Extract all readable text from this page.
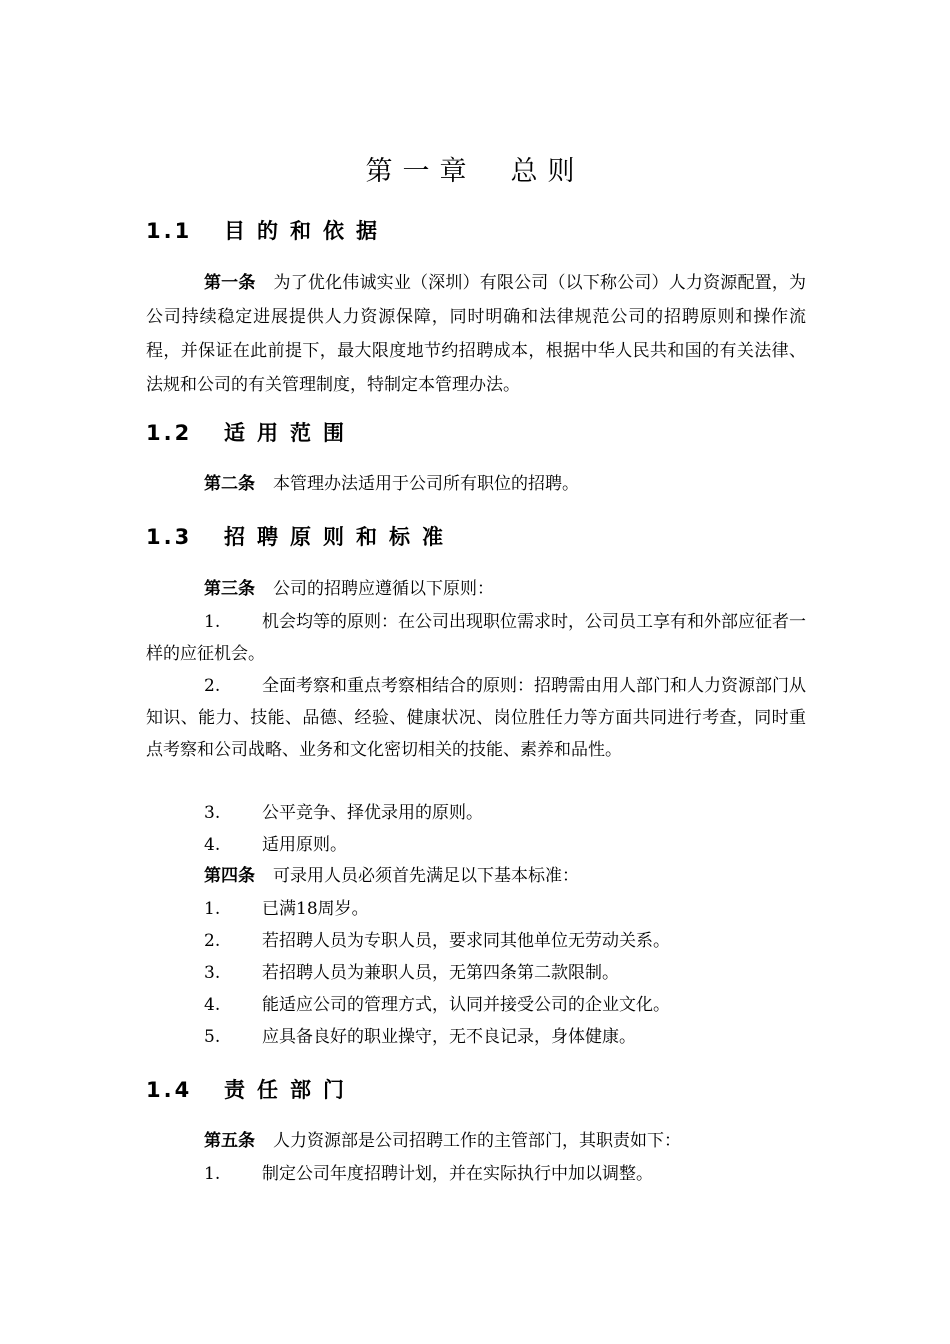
第一章 总则
1.1 目的和依据

第一条 为了优化伟诚实业（深圳）有限公司（以下称公司）人力资源配置，为公司持续稳定进展提供人力资源保障，同时明确和法律规范公司的招聘原则和操作流程，并保证在此前提下，最大限度地节约招聘成本，根据中华人民共和国的有关法律、法规和公司的有关管理制度，特制定本管理办法。

1.2 适用范围

第二条 本管理办法适用于公司所有职位的招聘。

1.3 招聘原则和标准

第三条 公司的招聘应遵循以下原则：

1.	机会均等的原则：在公司出现职位需求时，公司员工享有和外部应征者一样的应征机会。
2.	全面考察和重点考察相结合的原则：招聘需由用人部门和人力资源部门从知识、能力、技能、品德、经验、健康状况、岗位胜任力等方面共同进行考查，同时重点考察和公司战略、业务和文化密切相关的技能、素养和品性。
3.	公平竞争、择优录用的原则。
4.	适用原则。

第四条 可录用人员必须首先满足以下基本标准：

1.	已满18周岁。
2.	若招聘人员为专职人员，要求同其他单位无劳动关系。
3.	若招聘人员为兼职人员，无第四条第二款限制。
4.	能适应公司的管理方式，认同并接受公司的企业文化。
5.	应具备良好的职业操守，无不良记录，身体健康。
1.4 责任部门

第五条 人力资源部是公司招聘工作的主管部门，其职责如下：

1.	制定公司年度招聘计划，并在实际执行中加以调整。
